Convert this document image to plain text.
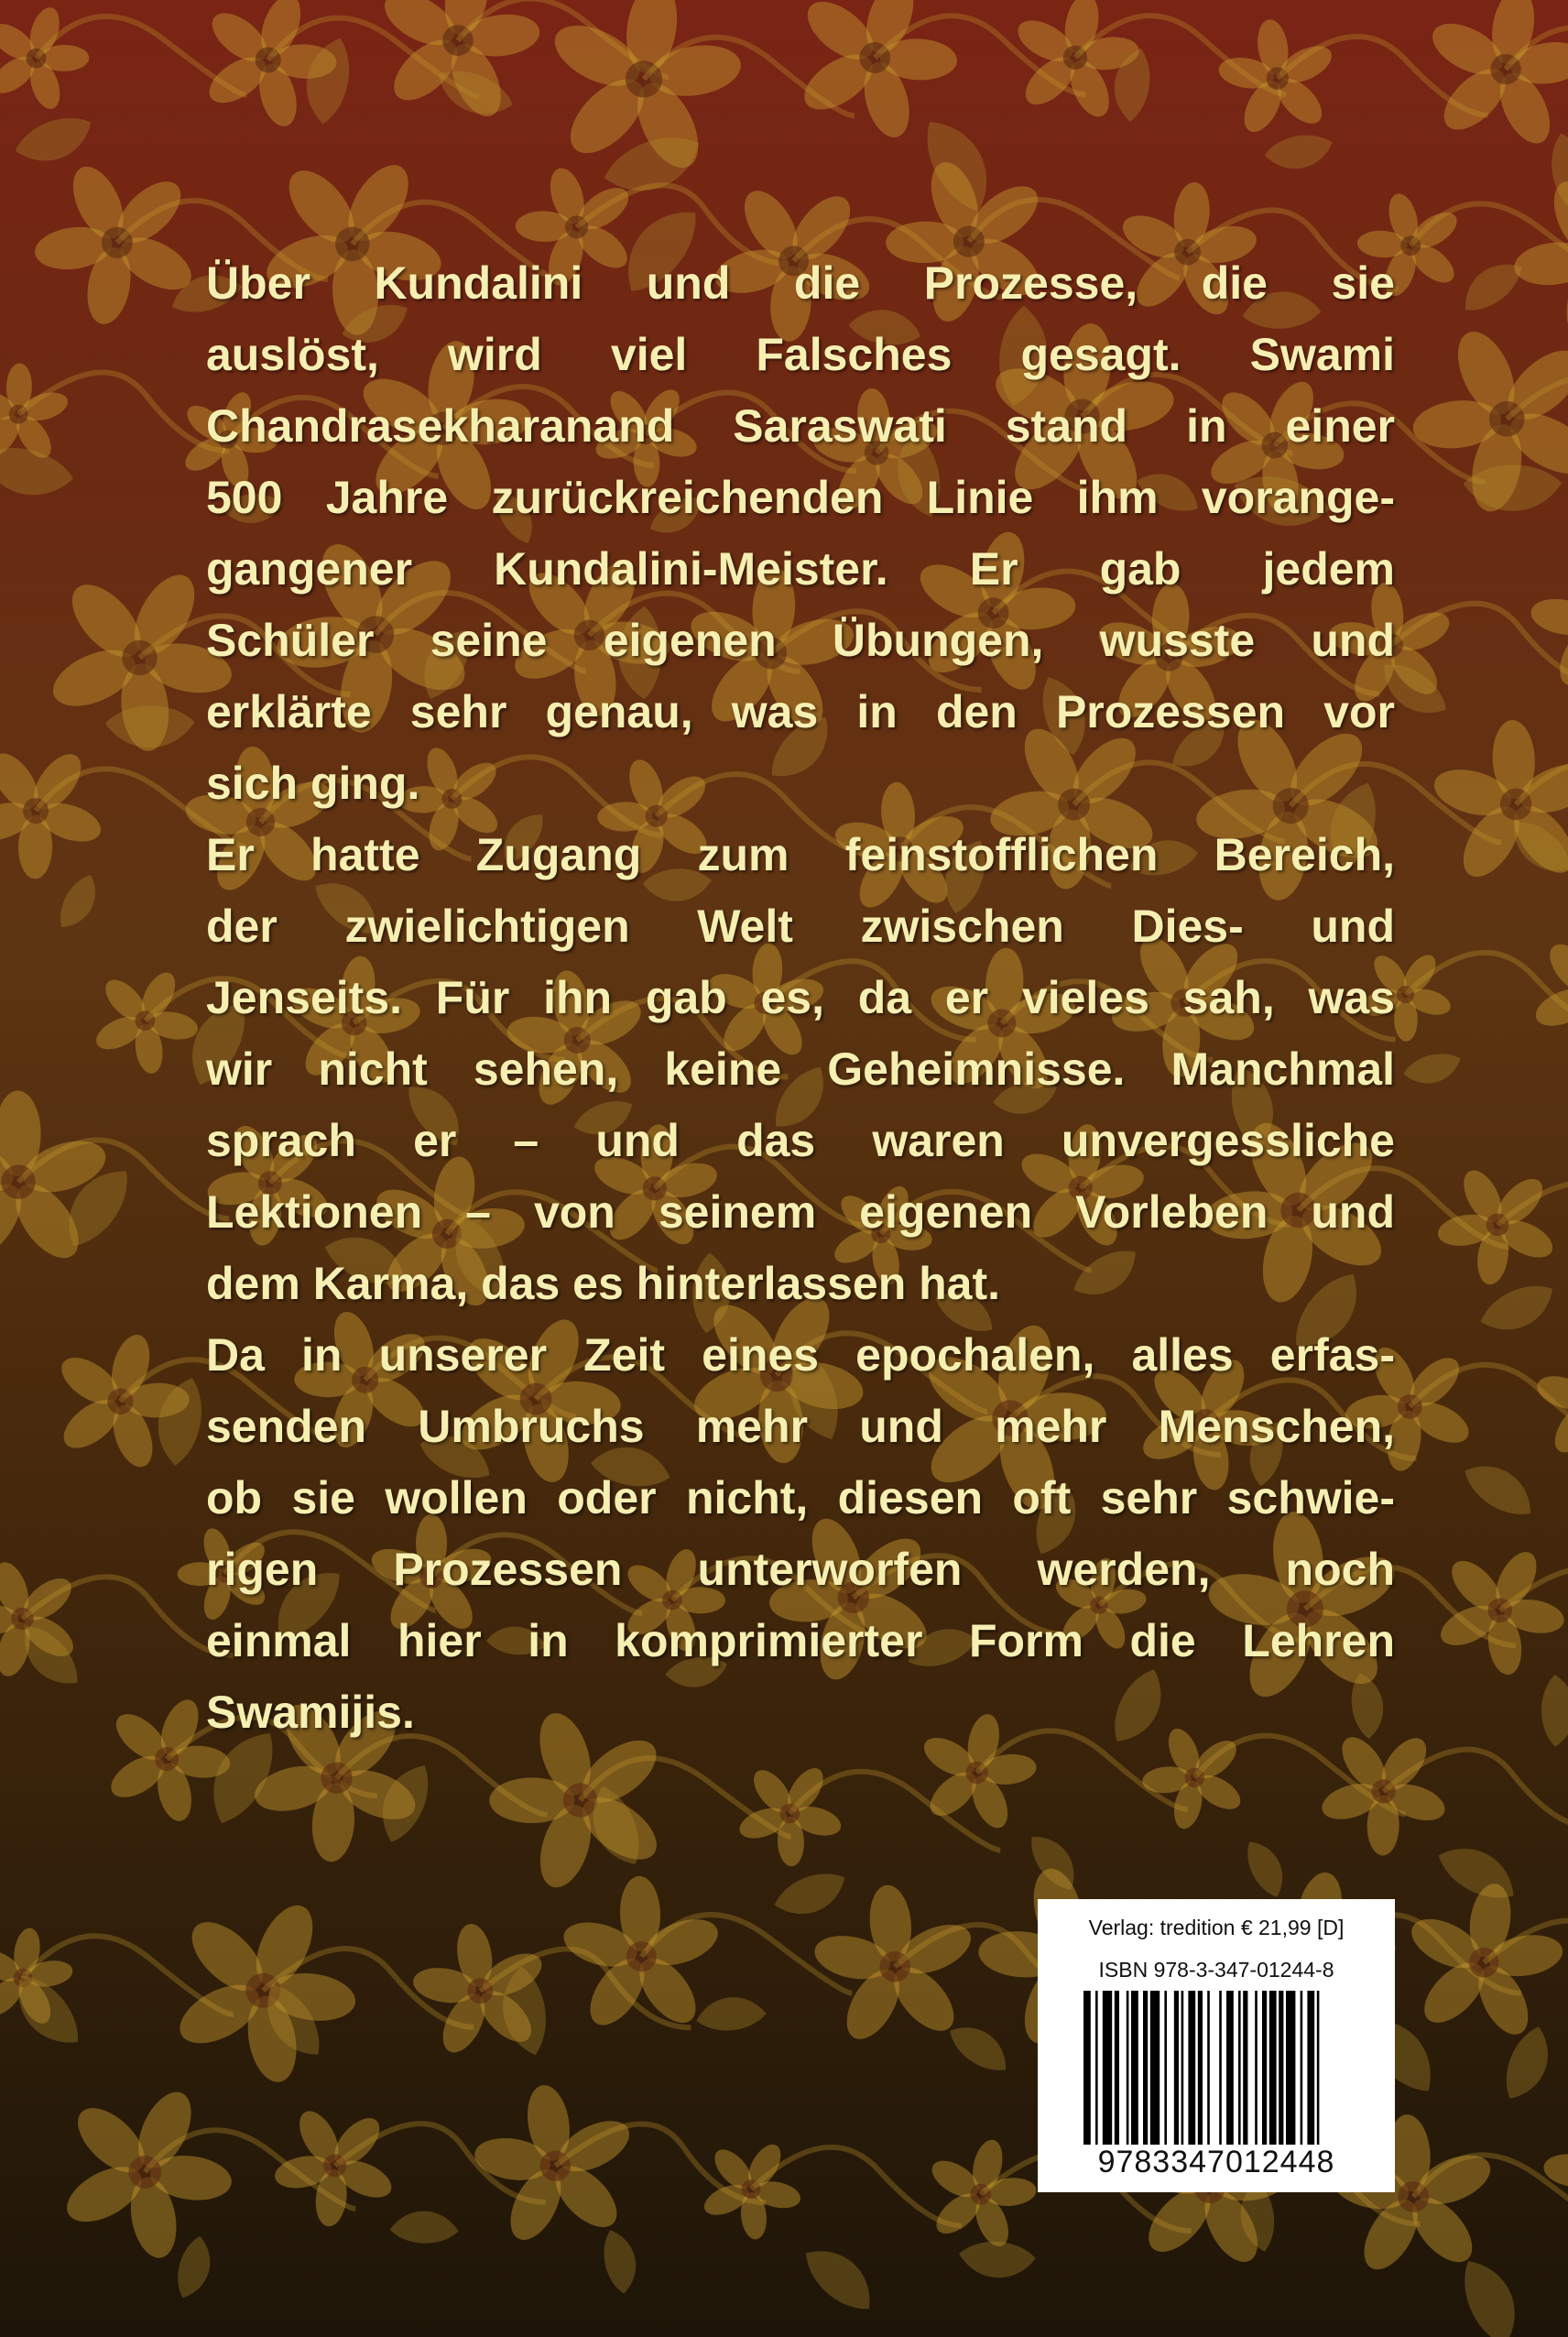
Über Kundalini und die Prozesse, die sie
auslöst, wird viel Falsches gesagt. Swami
Chandrasekharanand Saraswati stand in einer
500 Jahre zurückreichenden Linie ihm vorange-
gangener Kundalini-Meister. Er gab jedem
Schüler seine eigenen Übungen, wusste und
erklärte sehr genau, was in den Prozessen vor
sich ging.
Er hatte Zugang zum feinstofflichen Bereich,
der zwielichtigen Welt zwischen Dies- und
Jenseits. Für ihn gab es, da er vieles sah, was
wir nicht sehen, keine Geheimnisse. Manchmal
sprach er – und das waren unvergessliche
Lektionen – von seinem eigenen Vorleben und
dem Karma, das es hinterlassen hat.
Da in unserer Zeit eines epochalen, alles erfas-
senden Umbruchs mehr und mehr Menschen,
ob sie wollen oder nicht, diesen oft sehr schwie-
rigen Prozessen unterworfen werden, noch
einmal hier in komprimierter Form die Lehren
Swamijis.
Verlag: tredition € 21,99 [D]
ISBN 978-3-347-01244-8
9783347012448
